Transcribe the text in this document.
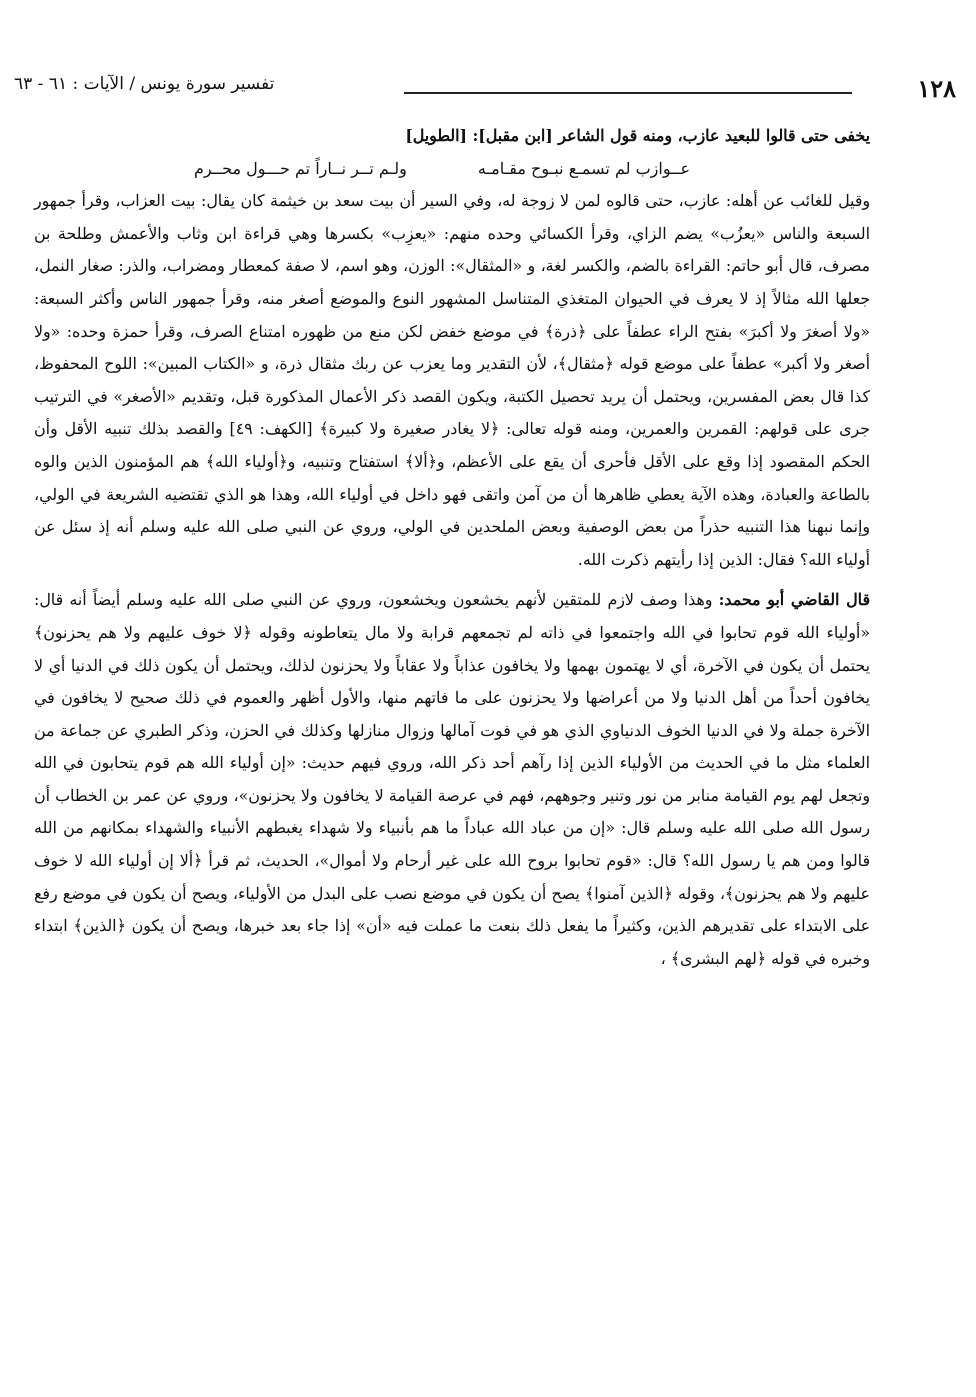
١٢٨
تفسير سورة يونس / الآيات : ٦١ - ٦٣

يخفى حتى قالوا للبعيد عازب، ومنه قول الشاعر [ابن مقبل]: [الطويل]

عــوازب لم تسمـع نبـوح مقـامـه
ولـم تــر نــاراً تم حـــول محــرم

وقيل للغائب عن أهله: عازب، حتى قالوه لمن لا زوجة له، وفي السير أن بيت سعد بن خيثمة كان يقال: بيت العزاب، وقرأ جمهور السبعة والناس «يعزُب» يضم الزاي، وقرأ الكسائي وحده منهم: «يعزِب» بكسرها وهي قراءة ابن وثاب والأعمش وطلحة بن مصرف، قال أبو حاتم: القراءة بالضم، والكسر لغة، و «المثقال»: الوزن، وهو اسم، لا صفة كمعطار ومضراب، والذر: صغار النمل، جعلها الله مثالاً إذ لا يعرف في الحيوان المتغذي المتناسل المشهور النوع والموضع أصغر منه، وقرأ جمهور الناس وأكثر السبعة: «ولا أصغرَ ولا أكبرَ» بفتح الراء عطفاً على ﴿ذرة﴾ في موضع خفض لكن منع من ظهوره امتناع الصرف، وقرأ حمزة وحده: «ولا أصغر ولا أكبر» عطفاً على موضع قوله ﴿مثقال﴾، لأن التقدير وما يعزب عن ربك مثقال ذرة، و «الكتاب المبين»: اللوح المحفوظ، كذا قال بعض المفسرين، ويحتمل أن يريد تحصيل الكتبة، ويكون القصد ذكر الأعمال المذكورة قبل، وتقديم «الأصغر» في الترتيب جرى على قولهم: القمرين والعمرين، ومنه قوله تعالى: ﴿لا يغادر صغيرة ولا كبيرة﴾ [الكهف: ٤٩] والقصد بذلك تنبيه الأقل وأن الحكم المقصود إذا وقع على الأقل فأحرى أن يقع على الأعظم، و﴿ألا﴾ استفتاح وتنبيه، و﴿أولياء الله﴾ هم المؤمنون الذين والوه بالطاعة والعبادة، وهذه الآية يعطي ظاهرها أن من آمن واتقى فهو داخل في أولياء الله، وهذا هو الذي تقتضيه الشريعة في الولي، وإنما نبهنا هذا التنبيه حذراً من بعض الوصفية وبعض الملحدين في الولي، وروي عن النبي صلى الله عليه وسلم أنه إذ سئل عن أولياء الله؟ فقال: الذين إذا رأيتهم ذكرت الله.

قال القاضي أبو محمد: وهذا وصف لازم للمتقين لأنهم يخشعون ويخشعون، وروي عن النبي صلى الله عليه وسلم أيضاً أنه قال: «أولياء الله قوم تحابوا في الله واجتمعوا في ذاته لم تجمعهم قرابة ولا مال يتعاطونه وقوله ﴿لا خوف عليهم ولا هم يحزنون﴾ يحتمل أن يكون في الآخرة، أي لا يهتمون بهمها ولا يخافون عذاباً ولا عقاباً ولا يحزنون لذلك، ويحتمل أن يكون ذلك في الدنيا أي لا يخافون أحداً من أهل الدنيا ولا من أعراضها ولا يحزنون على ما فاتهم منها، والأول أظهر والعموم في ذلك صحيح لا يخافون في الآخرة جملة ولا في الدنيا الخوف الدنياوي الذي هو في فوت آمالها وزوال منازلها وكذلك في الحزن، وذكر الطبري عن جماعة من العلماء مثل ما في الحديث من الأولياء الذين إذا رآهم أحد ذكر الله، وروي فيهم حديث: «إن أولياء الله هم قوم يتحابون في الله وتجعل لهم يوم القيامة منابر من نور وتنير وجوههم، فهم في عرصة القيامة لا يخافون ولا يحزنون»، وروي عن عمر بن الخطاب أن رسول الله صلى الله عليه وسلم قال: «إن من عباد الله عباداً ما هم بأنبياء ولا شهداء يغبطهم الأنبياء والشهداء بمكانهم من الله قالوا ومن هم يا رسول الله؟ قال: «قوم تحابوا بروح الله على غير أرحام ولا أموال»، الحديث، ثم قرأ ﴿ألا إن أولياء الله لا خوف عليهم ولا هم يحزنون﴾، وقوله ﴿الذين آمنوا﴾ يصح أن يكون في موضع نصب على البدل من الأولياء، ويصح أن يكون في موضع رفع على الابتداء على تقديرهم الذين، وكثيراً ما يفعل ذلك بنعت ما عملت فيه «أن» إذا جاء بعد خبرها، ويصح أن يكون ﴿الذين﴾ ابتداء وخبره في قوله ﴿لهم البشرى﴾ ،
